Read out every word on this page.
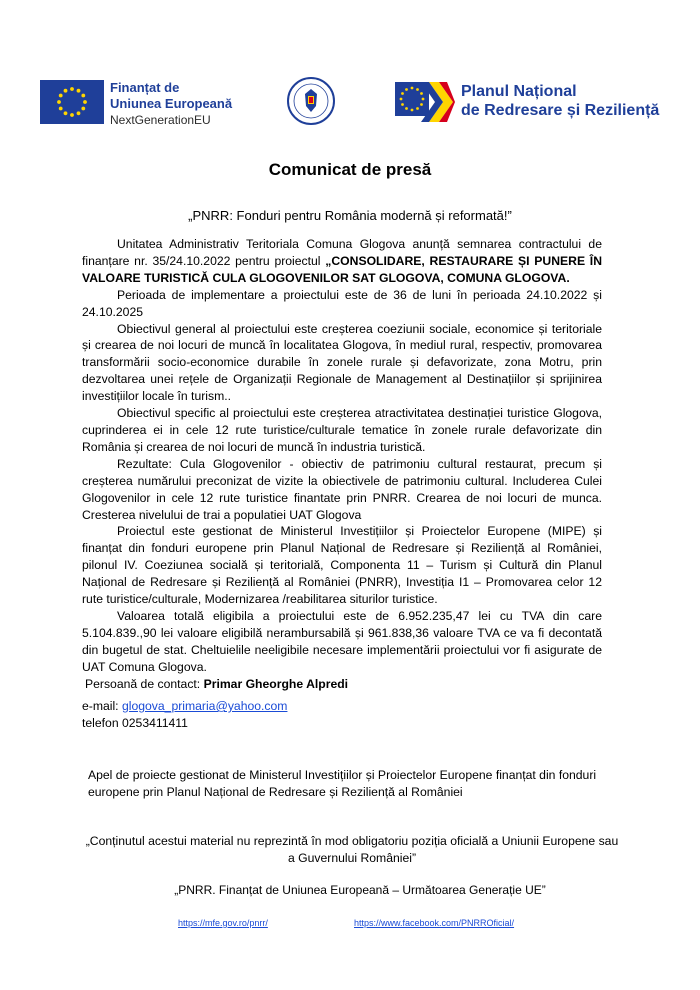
Finanțat de
Uniunea Europeană
NextGenerationEU
Planul Național
de Redresare și Reziliență
Comunicat de presă
„PNRR: Fonduri pentru România modernă și reformată!”

Unitatea Administrativ Teritoriala Comuna Glogova anunță semnarea contractului de finanțare nr. 35/24.10.2022 pentru proiectul „CONSOLIDARE, RESTAURARE ȘI PUNERE ÎN VALOARE TURISTICĂ CULA GLOGOVENILOR SAT GLOGOVA, COMUNA GLOGOVA.

Perioada de implementare a proiectului este de 36 de luni în perioada 24.10.2022 și 24.10.2025

Obiectivul general al proiectului este creșterea coeziunii sociale, economice și teritoriale și crearea de noi locuri de muncă în localitatea Glogova, în mediul rural, respectiv, promovarea transformării socio-economice durabile în zonele rurale și defavorizate, zona Motru, prin dezvoltarea unei rețele de Organizații Regionale de Management al Destinațiilor și sprijinirea investițiilor locale în turism..

Obiectivul specific al proiectului este creșterea atractivitatea destinației turistice Glogova, cuprinderea ei in cele 12 rute turistice/culturale tematice în zonele rurale defavorizate din România și crearea de noi locuri de muncă în industria turistică.

Rezultate: Cula Glogovenilor - obiectiv de patrimoniu cultural restaurat, precum și creșterea numărului preconizat de vizite la obiectivele de patrimoniu cultural. Includerea Culei Glogovenilor in cele 12 rute turistice finantate prin PNRR. Crearea de noi locuri de munca. Cresterea nivelului de trai a populatiei UAT Glogova

Proiectul este gestionat de Ministerul Investițiilor și Proiectelor Europene (MIPE) și finanțat din fonduri europene prin Planul Național de Redresare și Reziliență al României, pilonul IV. Coeziunea socială și teritorială, Componenta 11 – Turism și Cultură din Planul Național de Redresare și Reziliență al României (PNRR), Investiția I1 – Promovarea celor 12 rute turistice/culturale, Modernizarea /reabilitarea siturilor turistice.

Valoarea totală eligibila a proiectului este de 6.952.235,47 lei cu TVA din care 5.104.839.,90 lei valoare eligibilă nerambursabilă și 961.838,36 valoare TVA ce va fi decontată din bugetul de stat. Cheltuielile neeligibile necesare implementării proiectului vor fi asigurate de UAT Comuna Glogova.

Persoană de contact: Primar Gheorghe Alpredi

e-mail: glogova_primaria@yahoo.com
telefon 0253411411
Apel de proiecte gestionat de Ministerul Investițiilor și Proiectelor Europene finanțat din fonduri europene prin Planul Național de Redresare și Reziliență al României
„Conținutul acestui material nu reprezintă în mod obligatoriu poziția oficială a Uniunii Europene sau a Guvernului României”
„PNRR. Finanțat de Uniunea Europeană – Următoarea Generație UE”
https://mfe.gov.ro/pnrr/	https://www.facebook.com/PNRROficial/
